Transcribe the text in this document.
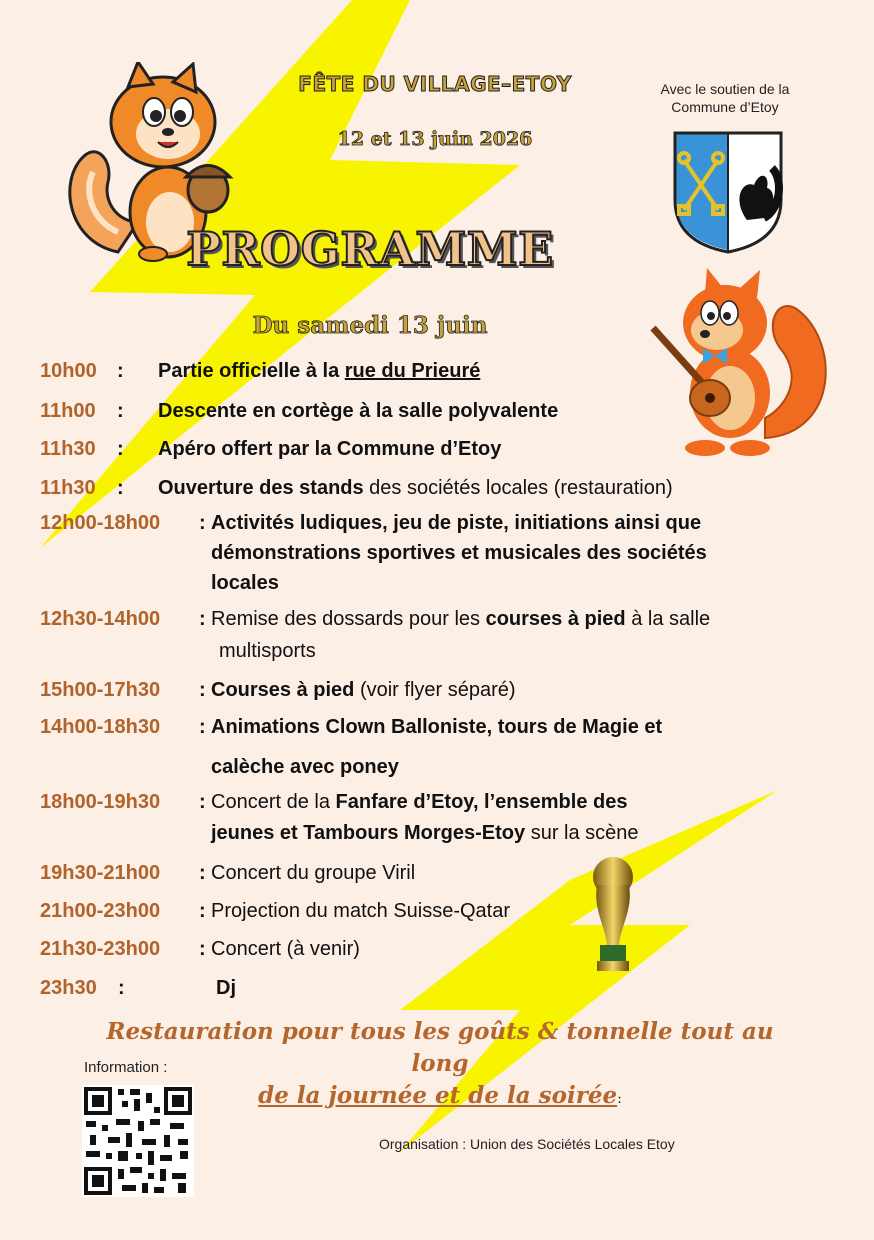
FÊTE DU VILLAGE–ETOY
12 et 13 juin 2026
PROGRAMME
Du samedi 13 juin
Avec le soutien de la
Commune d’Etoy
10h00 : Partie officielle à la rue du Prieuré
11h00 : Descente en cortège à la salle polyvalente
11h30 : Apéro offert par la Commune d’Etoy
11h30 : Ouverture des stands des sociétés locales (restauration)
12h00-18h00 : Activités ludiques, jeu de piste, initiations ainsi que
démonstrations sportives et musicales des sociétés
locales
12h30-14h00 : Remise des dossards pour les courses à pied à la salle
multisports
15h00-17h30 : Courses à pied (voir flyer séparé)
14h00-18h30 : Animations Clown Balloniste, tours de Magie et
calèche avec poney
18h00-19h30 : Concert de la Fanfare d’Etoy, l’ensemble des
jeunes et Tambours Morges-Etoy sur la scène
19h30-21h00 : Concert du groupe Viril
21h00-23h00 : Projection du match Suisse-Qatar
21h30-23h00 : Concert (à venir)
23h30 :	Dj
Restauration pour tous les goûts & tonnelle tout au long
de la journée et de la soirée:
Information :
Organisation : Union des Sociétés Locales Etoy
